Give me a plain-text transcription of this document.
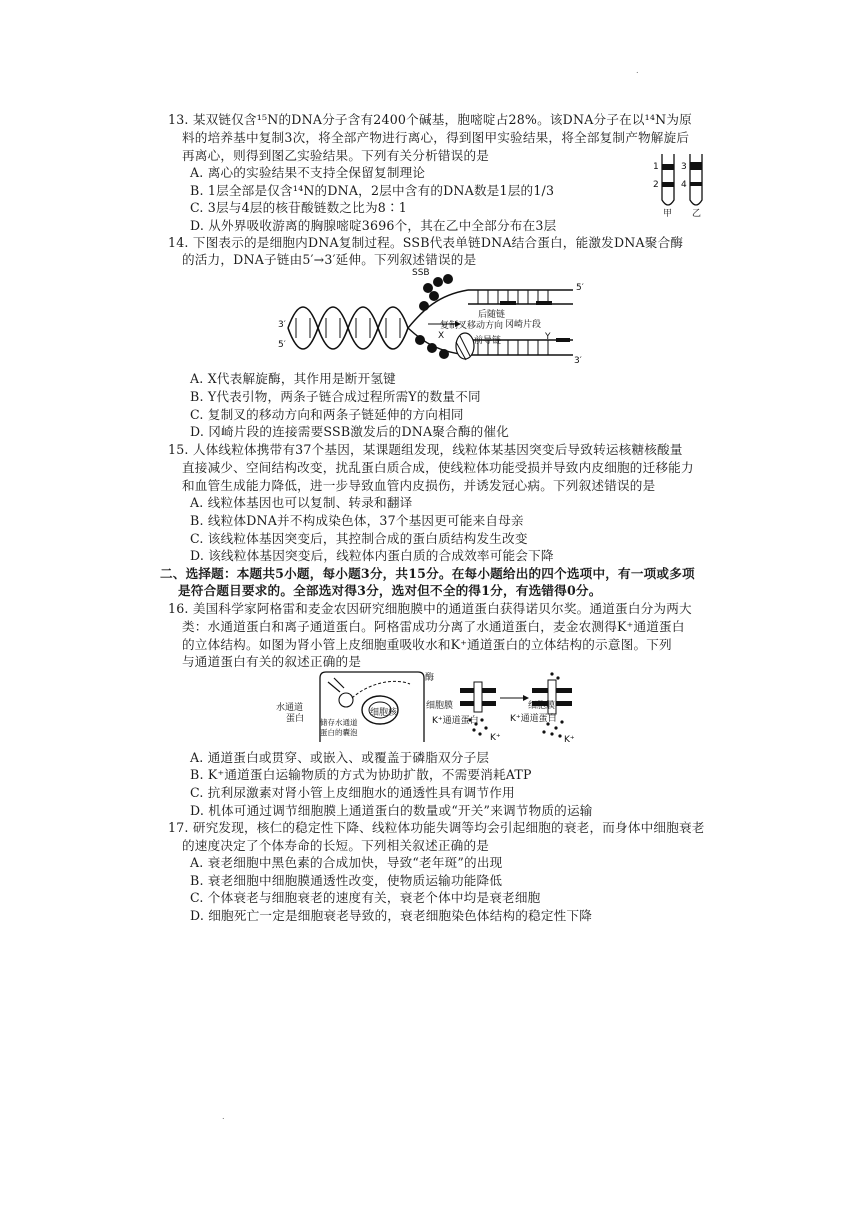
.
13. 某双链仅含¹⁵N的DNA分子含有2400个碱基，胞嘧啶占28%。该DNA分子在以¹⁴N为原
料的培养基中复制3次，将全部产物进行离心，得到图甲实验结果，将全部复制产物解旋后
再离心，则得到图乙实验结果。下列有关分析错误的是
A. 离心的实验结果不支持全保留复制理论
B. 1层全部是仅含¹⁴N的DNA，2层中含有的DNA数是1层的1/3
C. 3层与4层的核苷酸链数之比为8∶1
D. 从外界吸收游离的胸腺嘧啶3696个，其在乙中全部分布在3层
1
2
3
4
甲 乙
14. 下图表示的是细胞内DNA复制过程。SSB代表单链DNA结合蛋白，能激发DNA聚合酶
的活力，DNA子链由5′→3′延伸。下列叙述错误的是
SSB
5′
3′
5′
3′
后随链
冈崎片段
复制叉移动方向
X	前导链	Y
A. X代表解旋酶，其作用是断开氢键
B. Y代表引物，两条子链合成过程所需Y的数量不同
C. 复制叉的移动方向和两条子链延伸的方向相同
D. 冈崎片段的连接需要SSB激发后的DNA聚合酶的催化
15. 人体线粒体携带有37个基因，某课题组发现，线粒体某基因突变后导致转运核糖核酸量
直接减少、空间结构改变，扰乱蛋白质合成，使线粒体功能受损并导致内皮细胞的迁移能力
和血管生成能力降低，进一步导致血管内皮损伤，并诱发冠心病。下列叙述错误的是
A. 线粒体基因也可以复制、转录和翻译
B. 线粒体DNA并不构成染色体，37个基因更可能来自母亲
C. 该线粒体基因突变后，其控制合成的蛋白质结构发生改变
D. 该线粒体基因突变后，线粒体内蛋白质的合成效率可能会下降
二、选择题：本题共5小题，每小题3分，共15分。在每小题给出的四个选项中，有一项或多项
是符合题目要求的。全部选对得3分，选对但不全的得1分，有选错得0分。
16. 美国科学家阿格雷和麦金农因研究细胞膜中的通道蛋白获得诺贝尔奖。通道蛋白分为两大
类：水通道蛋白和离子通道蛋白。阿格雷成功分离了水通道蛋白，麦金农测得K⁺通道蛋白
的立体结构。如图为肾小管上皮细胞重吸收水和K⁺通道蛋白的立体结构的示意图。下列
与通道蛋白有关的叙述正确的是
酶
水通道
蛋白
细胞核
储存水通道
蛋白的囊泡
细胞膜
K⁺通道蛋白
细胞膜
K⁺通道蛋白
K⁺	K⁺
A. 通道蛋白或贯穿、或嵌入、或覆盖于磷脂双分子层
B. K⁺通道蛋白运输物质的方式为协助扩散，不需要消耗ATP
C. 抗利尿激素对肾小管上皮细胞水的通透性具有调节作用
D. 机体可通过调节细胞膜上通道蛋白的数量或“开关”来调节物质的运输
17. 研究发现，核仁的稳定性下降、线粒体功能失调等均会引起细胞的衰老，而身体中细胞衰老
的速度决定了个体寿命的长短。下列相关叙述正确的是
A. 衰老细胞中黑色素的合成加快，导致“老年斑”的出现
B. 衰老细胞中细胞膜通透性改变，使物质运输功能降低
C. 个体衰老与细胞衰老的速度有关，衰老个体中均是衰老细胞
D. 细胞死亡一定是细胞衰老导致的，衰老细胞染色体结构的稳定性下降
.
